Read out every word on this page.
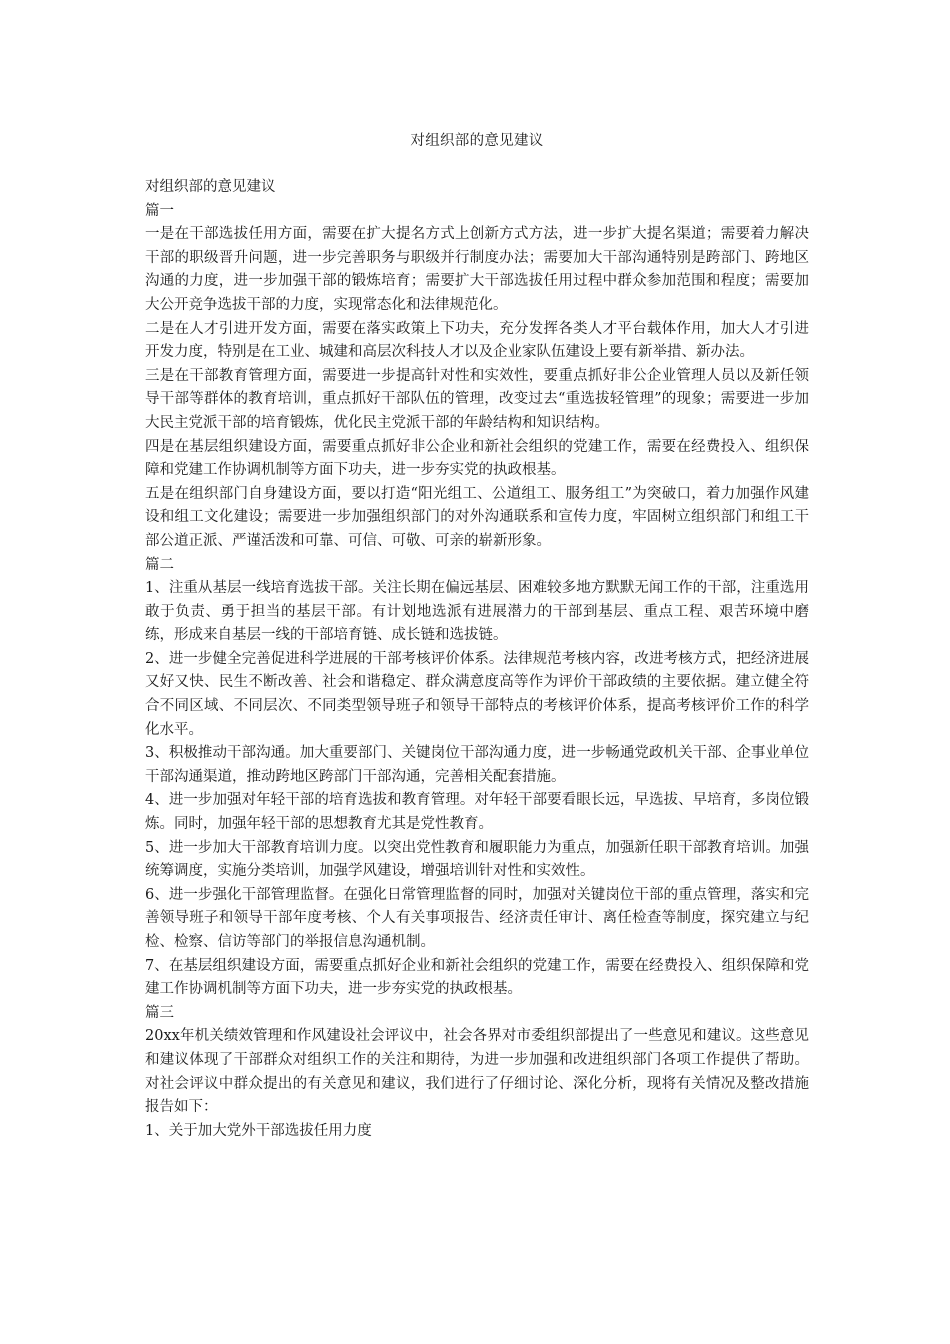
对组织部的意见建议

对组织部的意见建议

篇一

一是在干部选拔任用方面，需要在扩大提名方式上创新方式方法，进一步扩大提名渠道；需要着力解决干部的职级晋升问题，进一步完善职务与职级并行制度办法；需要加大干部沟通特别是跨部门、跨地区沟通的力度，进一步加强干部的锻炼培育；需要扩大干部选拔任用过程中群众参加范围和程度；需要加大公开竞争选拔干部的力度，实现常态化和法律规范化。

二是在人才引进开发方面，需要在落实政策上下功夫，充分发挥各类人才平台载体作用，加大人才引进开发力度，特别是在工业、城建和高层次科技人才以及企业家队伍建设上要有新举措、新办法。

三是在干部教育管理方面，需要进一步提高针对性和实效性，要重点抓好非公企业管理人员以及新任领导干部等群体的教育培训，重点抓好干部队伍的管理，改变过去“重选拔轻管理”的现象；需要进一步加大民主党派干部的培育锻炼，优化民主党派干部的年龄结构和知识结构。

四是在基层组织建设方面，需要重点抓好非公企业和新社会组织的党建工作，需要在经费投入、组织保障和党建工作协调机制等方面下功夫，进一步夯实党的执政根基。

五是在组织部门自身建设方面，要以打造“阳光组工、公道组工、服务组工”为突破口，着力加强作风建设和组工文化建设；需要进一步加强组织部门的对外沟通联系和宣传力度，牢固树立组织部门和组工干部公道正派、严谨活泼和可靠、可信、可敬、可亲的崭新形象。

篇二

1、注重从基层一线培育选拔干部。关注长期在偏远基层、困难较多地方默默无闻工作的干部，注重选用敢于负责、勇于担当的基层干部。有计划地选派有进展潜力的干部到基层、重点工程、艰苦环境中磨练，形成来自基层一线的干部培育链、成长链和选拔链。

2、进一步健全完善促进科学进展的干部考核评价体系。法律规范考核内容，改进考核方式，把经济进展又好又快、民生不断改善、社会和谐稳定、群众满意度高等作为评价干部政绩的主要依据。建立健全符合不同区域、不同层次、不同类型领导班子和领导干部特点的考核评价体系，提高考核评价工作的科学化水平。

3、积极推动干部沟通。加大重要部门、关键岗位干部沟通力度，进一步畅通党政机关干部、企事业单位干部沟通渠道，推动跨地区跨部门干部沟通，完善相关配套措施。

4、进一步加强对年轻干部的培育选拔和教育管理。对年轻干部要看眼长远，早选拔、早培育，多岗位锻炼。同时，加强年轻干部的思想教育尤其是党性教育。

5、进一步加大干部教育培训力度。以突出党性教育和履职能力为重点，加强新任职干部教育培训。加强统筹调度，实施分类培训，加强学风建设，增强培训针对性和实效性。

6、进一步强化干部管理监督。在强化日常管理监督的同时，加强对关键岗位干部的重点管理，落实和完善领导班子和领导干部年度考核、个人有关事项报告、经济责任审计、离任检查等制度，探究建立与纪检、检察、信访等部门的举报信息沟通机制。

7、在基层组织建设方面，需要重点抓好企业和新社会组织的党建工作，需要在经费投入、组织保障和党建工作协调机制等方面下功夫，进一步夯实党的执政根基。

篇三

20xx年机关绩效管理和作风建设社会评议中，社会各界对市委组织部提出了一些意见和建议。这些意见和建议体现了干部群众对组织工作的关注和期待，为进一步加强和改进组织部门各项工作提供了帮助。对社会评议中群众提出的有关意见和建议，我们进行了仔细讨论、深化分析，现将有关情况及整改措施报告如下：

1、关于加大党外干部选拔任用力度
